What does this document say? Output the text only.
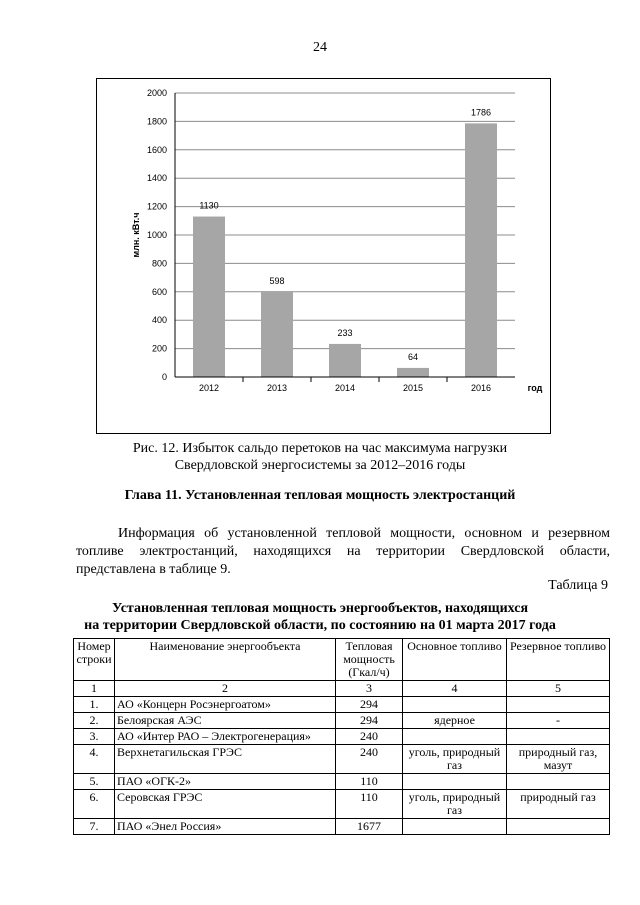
24
0
200
400
600
800
1000
1200
1400
1600
1800
2000
1130
2012
598
2013
233
2014
64
2015
1786
2016
млн. кВт.ч
год
Рис. 12. Избыток сальдо перетоков на час максимума нагрузки
Свердловской энергосистемы за 2012–2016 годы
Глава 11. Установленная тепловая мощность электростанций

Информация об установленной тепловой мощности, основном и резервном топливе электростанций, находящихся на территории Свердловской области, представлена в таблице 9.

Таблица 9
Установленная тепловая мощность энергообъектов, находящихся
на территории Свердловской области, по состоянию на 01 марта 2017 года
Номер строки	Наименование энергообъекта	Тепловая мощность (Гкал/ч)	Основное топливо	Резервное топливо
1	2	3	4	5
1.	АО «Концерн Росэнергоатом»	294		
2.	Белоярская АЭС	294	ядерное	-
3.	АО «Интер РАО – Электрогенерация»	240		
4.	Верхнетагильская ГРЭС	240	уголь, природный газ	природный газ, мазут
5.	ПАО «ОГК-2»	110		
6.	Серовская ГРЭС	110	уголь, природный газ	природный газ
7.	ПАО «Энел Россия»	1677		
